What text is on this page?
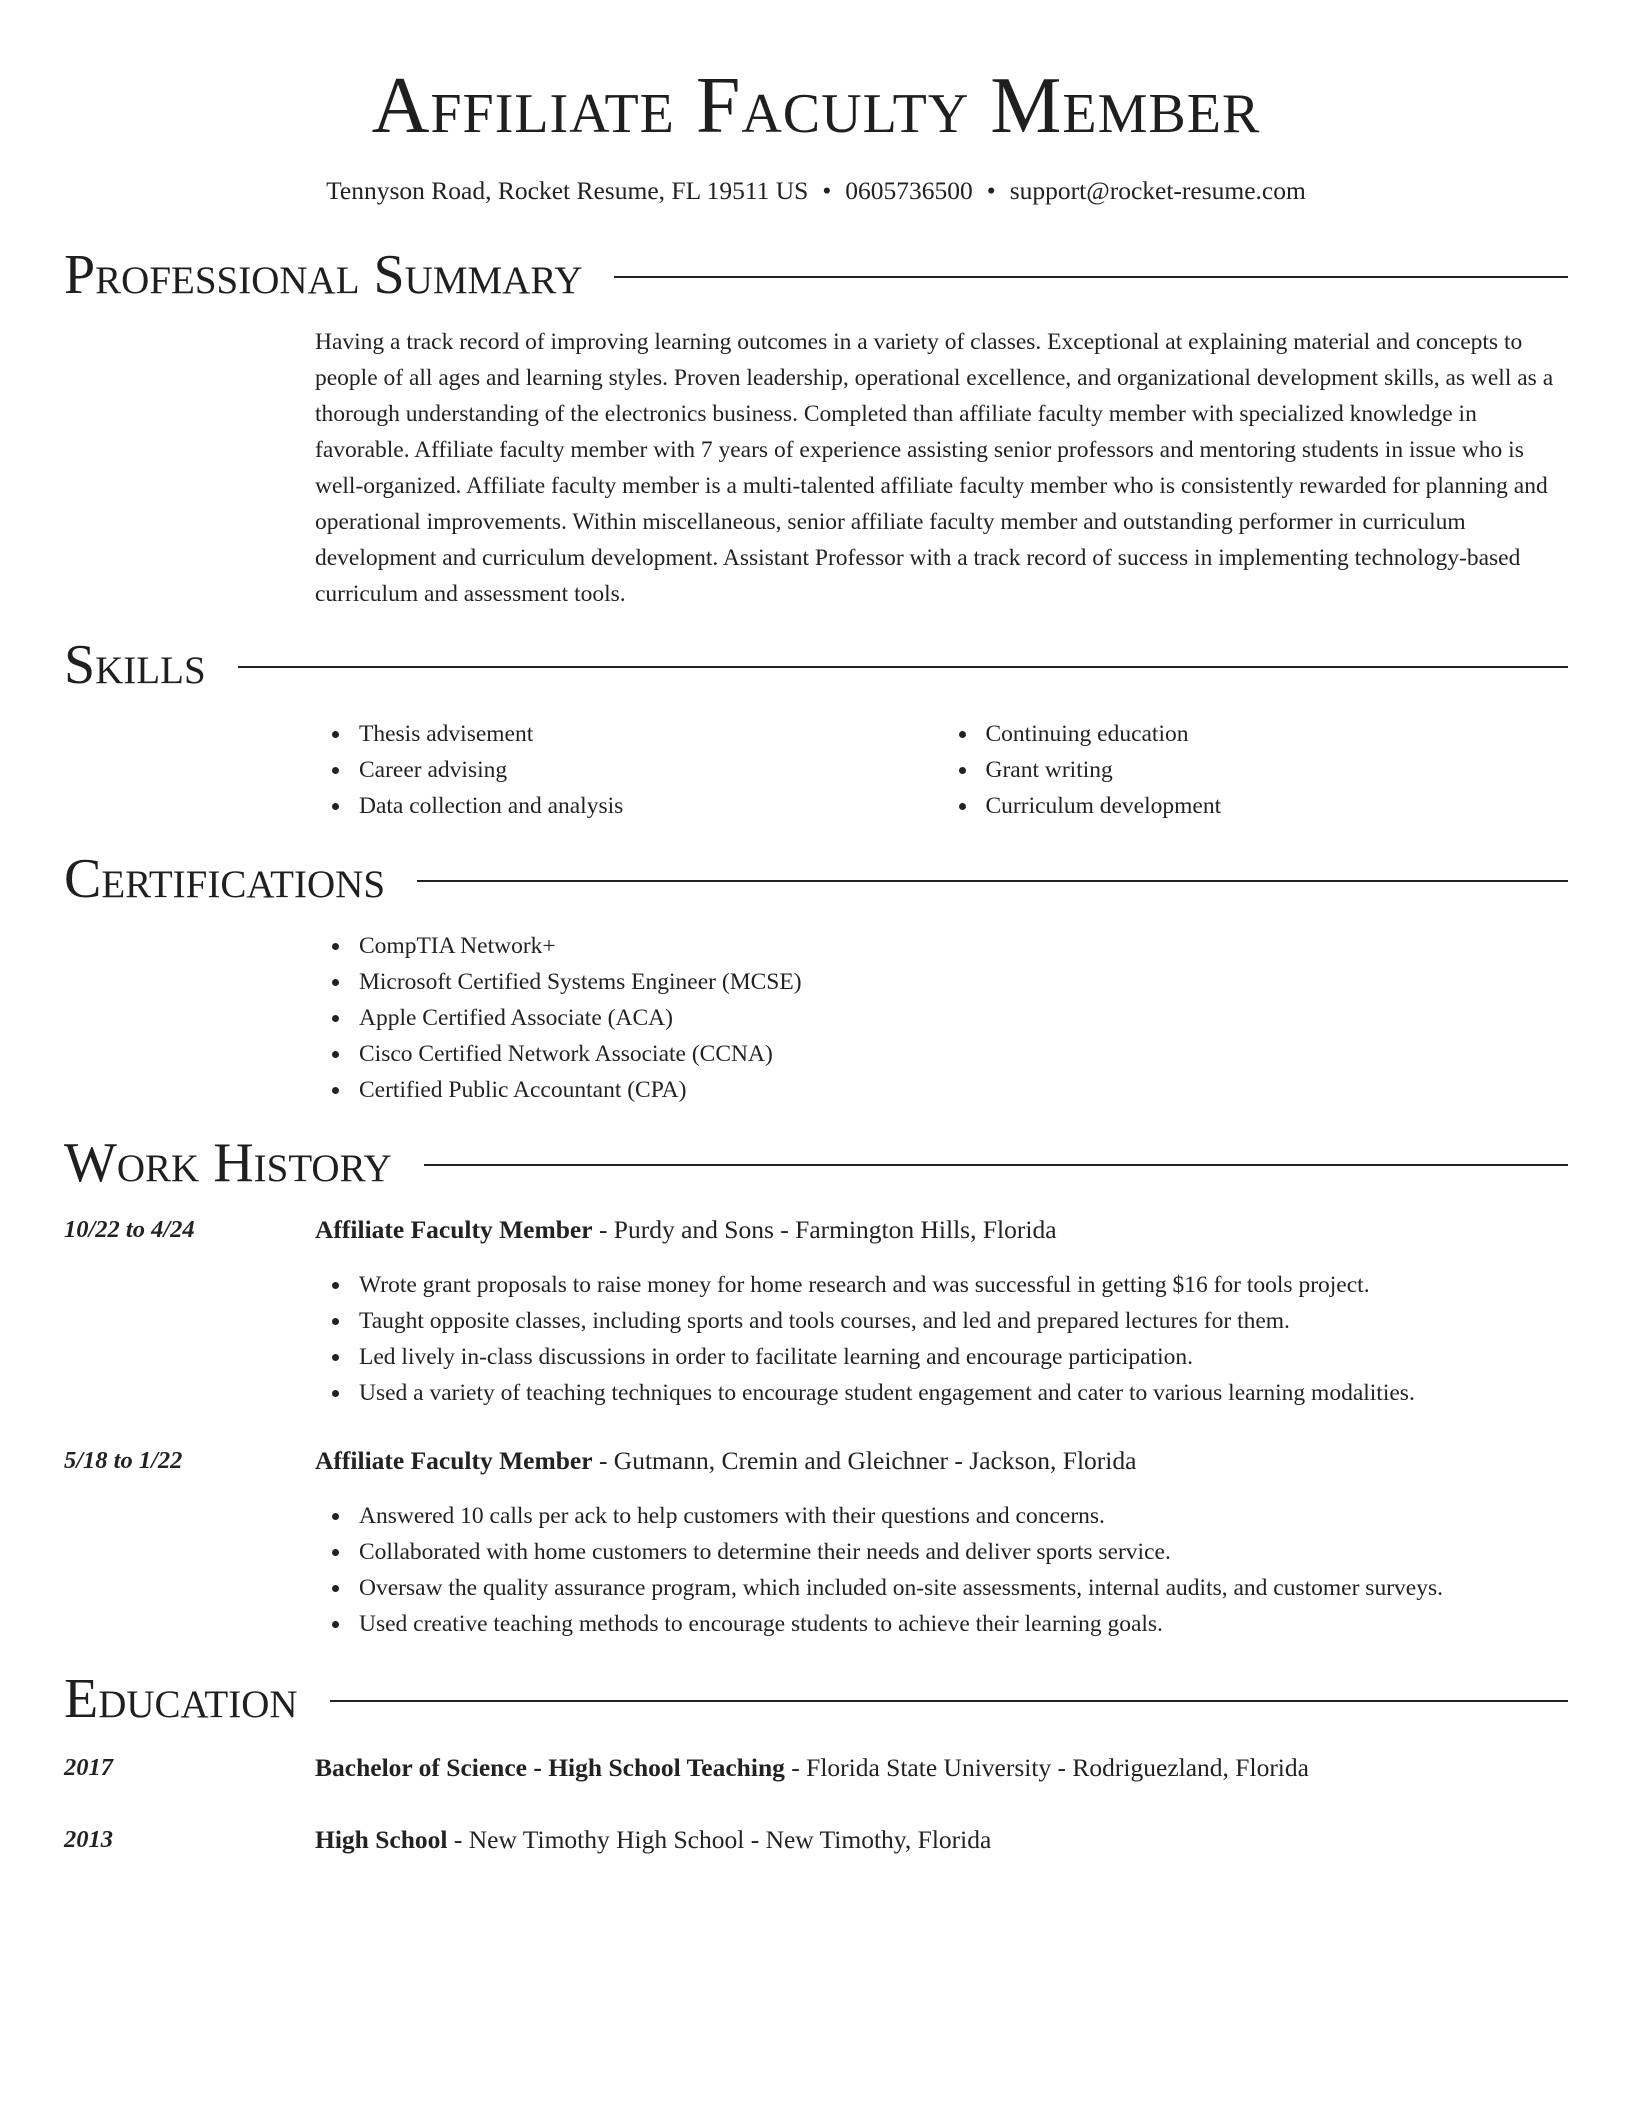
Affiliate Faculty Member
Tennyson Road, Rocket Resume, FL 19511 US • 0605736500 • support@rocket-resume.com
Professional Summary

Having a track record of improving learning outcomes in a variety of classes. Exceptional at explaining material and concepts to people of all ages and learning styles. Proven leadership, operational excellence, and organizational development skills, as well as a thorough understanding of the electronics business. Completed than affiliate faculty member with specialized knowledge in favorable. Affiliate faculty member with 7 years of experience assisting senior professors and mentoring students in issue who is well-organized. Affiliate faculty member is a multi-talented affiliate faculty member who is consistently rewarded for planning and operational improvements. Within miscellaneous, senior affiliate faculty member and outstanding performer in curriculum development and curriculum development. Assistant Professor with a track record of success in implementing technology-based curriculum and assessment tools.

Skills
Thesis advisement
Career advising
Data collection and analysis
Continuing education
Grant writing
Curriculum development
Certifications
CompTIA Network+
Microsoft Certified Systems Engineer (MCSE)
Apple Certified Associate (ACA)
Cisco Certified Network Associate (CCNA)
Certified Public Accountant (CPA)
Work History
10/22 to 4/24	Affiliate Faculty Member - Purdy and Sons - Farmington Hills, Florida
Wrote grant proposals to raise money for home research and was successful in getting $16 for tools project.
Taught opposite classes, including sports and tools courses, and led and prepared lectures for them.
Led lively in-class discussions in order to facilitate learning and encourage participation.
Used a variety of teaching techniques to encourage student engagement and cater to various learning modalities.
5/18 to 1/22	Affiliate Faculty Member - Gutmann, Cremin and Gleichner - Jackson, Florida
Answered 10 calls per ack to help customers with their questions and concerns.
Collaborated with home customers to determine their needs and deliver sports service.
Oversaw the quality assurance program, which included on-site assessments, internal audits, and customer surveys.
Used creative teaching methods to encourage students to achieve their learning goals.
Education
2017	Bachelor of Science - High School Teaching - Florida State University - Rodriguezland, Florida
2013	High School - New Timothy High School - New Timothy, Florida
